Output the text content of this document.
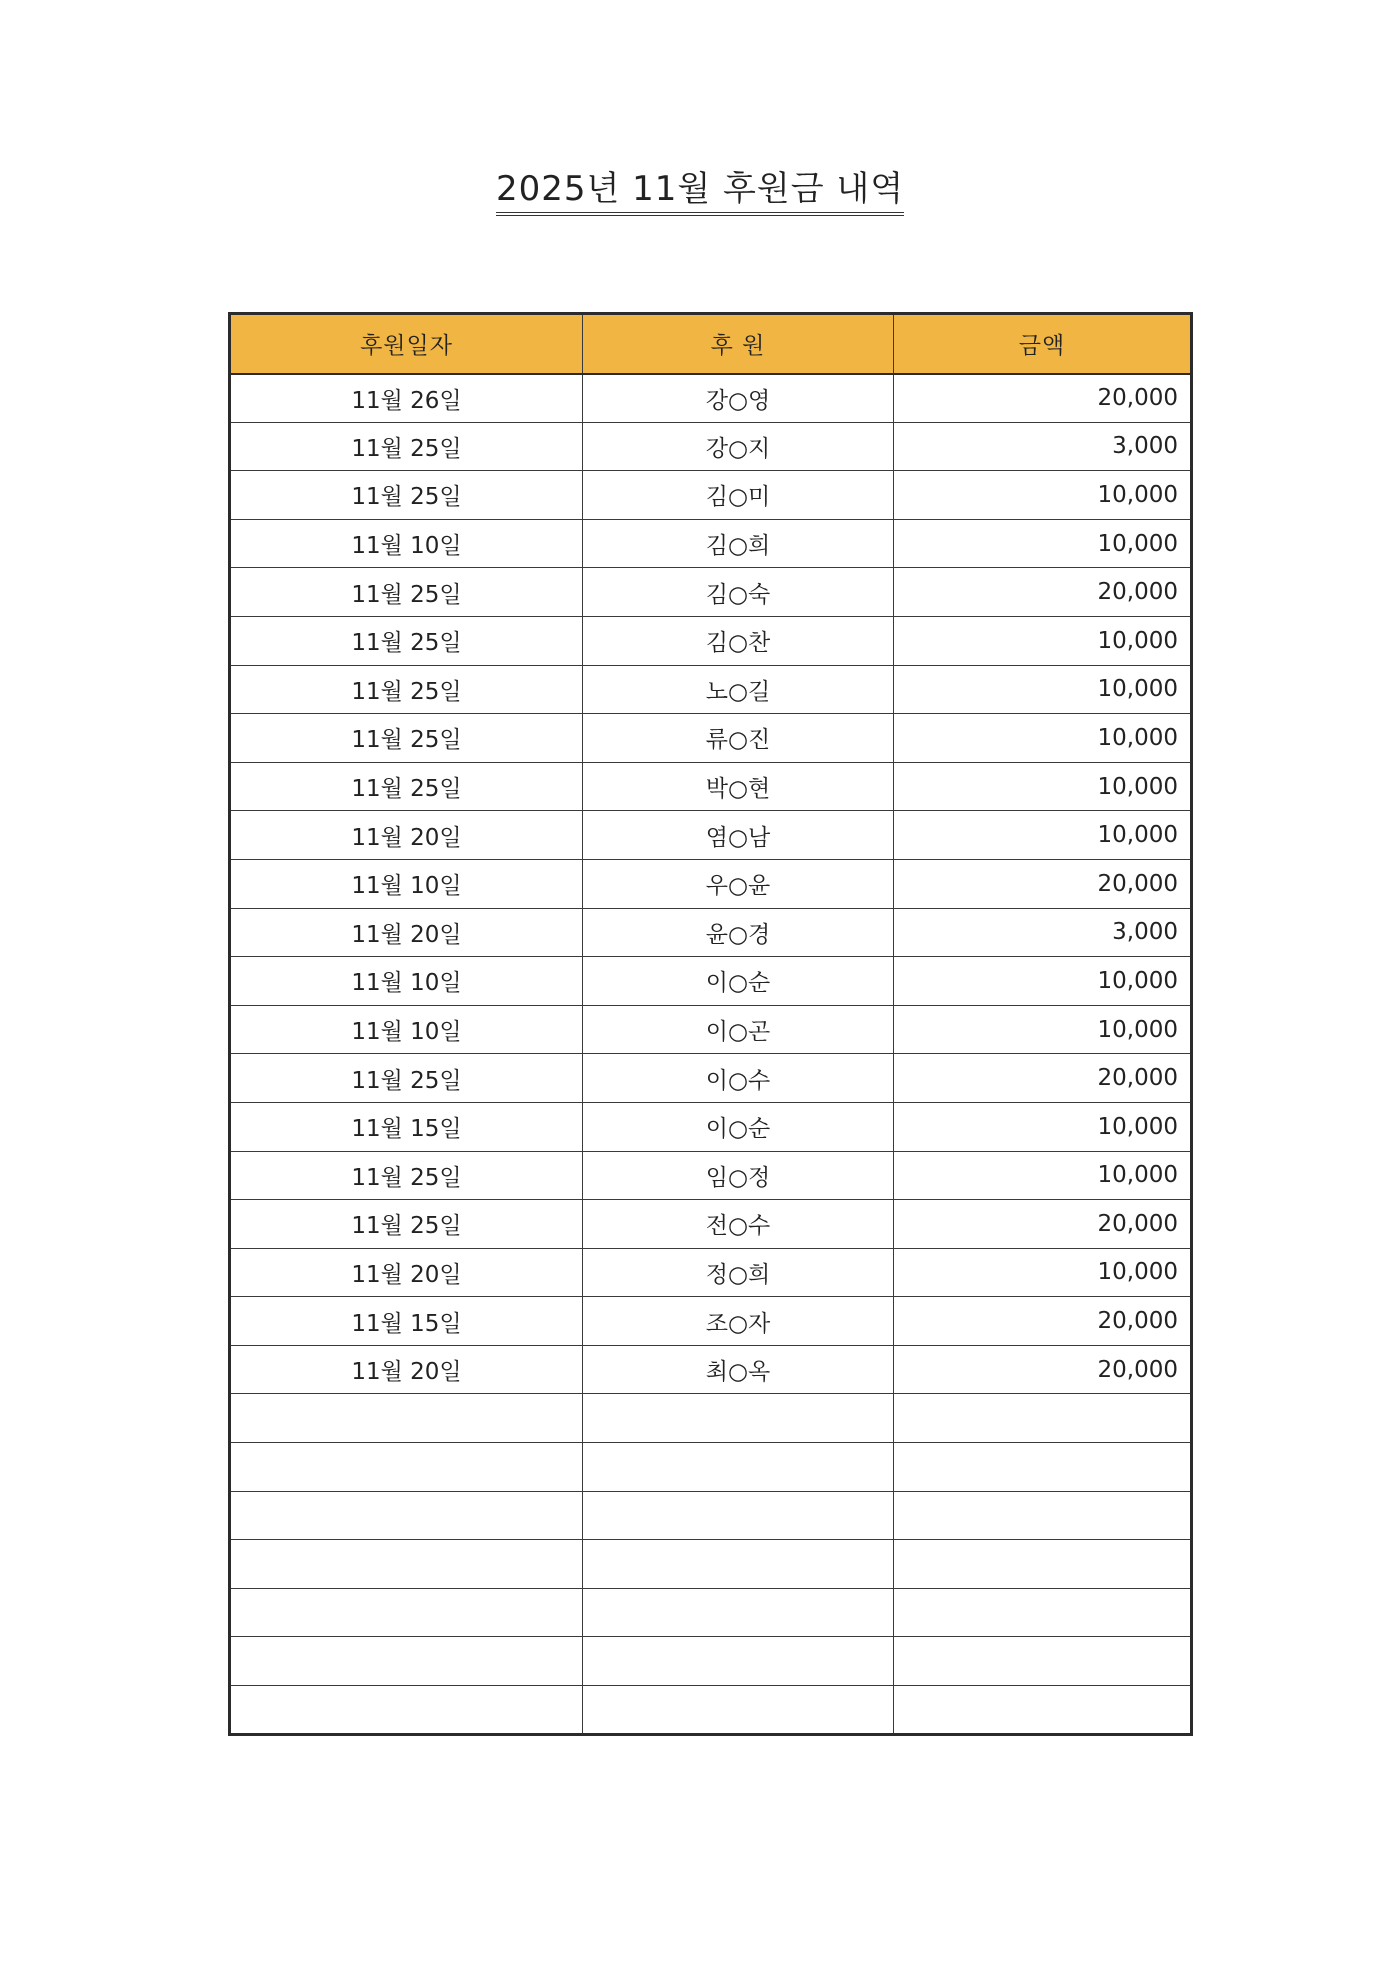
2025년 11월 후원금 내역
후원일자	후 원	금액
11월 26일	강○영	20,000
11월 25일	강○지	3,000
11월 25일	김○미	10,000
11월 10일	김○희	10,000
11월 25일	김○숙	20,000
11월 25일	김○찬	10,000
11월 25일	노○길	10,000
11월 25일	류○진	10,000
11월 25일	박○현	10,000
11월 20일	염○남	10,000
11월 10일	우○윤	20,000
11월 20일	윤○경	3,000
11월 10일	이○순	10,000
11월 10일	이○곤	10,000
11월 25일	이○수	20,000
11월 15일	이○순	10,000
11월 25일	임○정	10,000
11월 25일	전○수	20,000
11월 20일	정○희	10,000
11월 15일	조○자	20,000
11월 20일	최○옥	20,000
